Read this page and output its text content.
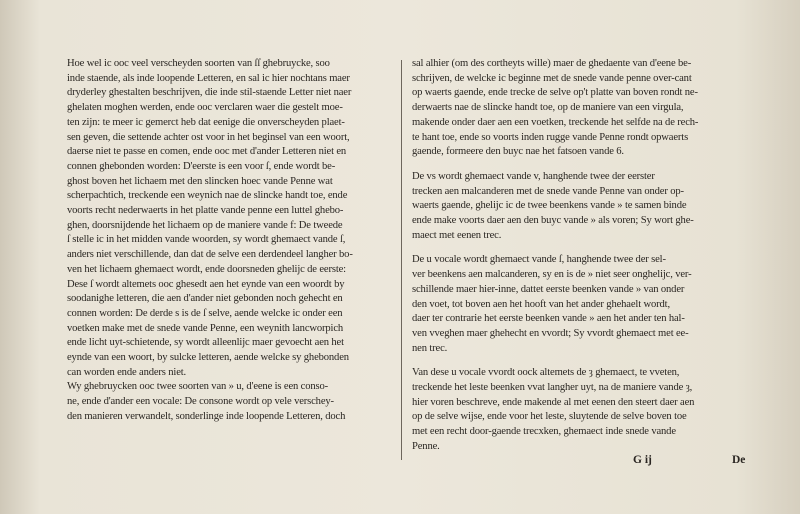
Hoe wel ic ooc veel verscheyden soorten van ſſ ghebruycke, soo
inde staende, als inde loopende Letteren, en sal ic hier nochtans maer
dryderley ghestalten beschrijven, die inde stil-staende Letter niet naer
ghelaten moghen werden, ende ooc verclaren waer die gestelt moe-
ten zijn: te meer ic gemerct heb dat eenige die onverscheyden plaet-
sen geven, die settende achter ost voor in het beginsel van een woort,
daerse niet te passe en comen, ende ooc met d'ander Letteren niet en
connen ghebonden worden: D'eerste is een voor ſ, ende wordt be-
ghost boven het lichaem met den slincken hoec vande Penne wat
scherpachtich, treckende een weynich nae de slincke handt toe, ende
voorts recht nederwaerts in het platte vande penne een luttel ghebo-
ghen, doorsnijdende het lichaem op de maniere vande f: De tweede
ſ stelle ic in het midden vande woorden, sy wordt ghemaect vande ſ,
anders niet verschillende, dan dat de selve een derdendeel langher bo-
ven het lichaem ghemaect wordt, ende doorsneden ghelijc de eerste:
Dese ſ wordt altemets ooc ghesedt aen het eynde van een woordt by
soodanighe letteren, die aen d'ander niet gebonden noch gehecht en
connen worden: De derde s is de ſ selve, aende welcke ic onder een
voetken make met de snede vande Penne, een weynith lancworpich
ende licht uyt-schietende, sy wordt alleenlijc maer gevoecht aen het
eynde van een woort, by sulcke letteren, aende welcke sy ghebonden
can worden ende anders niet.
Wy ghebruycken ooc twee soorten van » u, d'eene is een conso-
ne, ende d'ander een vocale: De consone wordt op vele verschey-
den manieren verwandelt, sonderlinge inde loopende Letteren, doch
sal alhier (om des cortheyts wille) maer de ghedaente van d'eene be-
schrijven, de welcke ic beginne met de snede vande penne over-cant
op waerts gaende, ende trecke de selve op't platte van boven rondt ne-
derwaerts nae de slincke handt toe, op de maniere van een virgula,
makende onder daer aen een voetken, treckende het selfde na de rech-
te hant toe, ende so voorts inden rugge vande Penne rondt opwaerts
gaende, formeere den buyc nae het fatsoen vande 6.
De vs wordt ghemaect vande v, hanghende twee der eerster
trecken aen malcanderen met de snede vande Penne van onder op-
waerts gaende, ghelijc ic de twee beenkens vande » te samen binde
ende make voorts daer aen den buyc vande » als voren; Sy wort ghe-
maect met eenen trec.
De u vocale wordt ghemaect vande ſ, hanghende twee der sel-
ver beenkens aen malcanderen, sy en is de » niet seer onghelijc, ver-
schillende maer hier-inne, dattet eerste beenken vande » van onder
den voet, tot boven aen het hooft van het ander ghehaelt wordt,
daer ter contrarie het eerste beenken vande » aen het ander ten hal-
ven vveghen maer ghehecht en vvordt; Sy vvordt ghemaect met ee-
nen trec.
Van dese u vocale vvordt oock altemets de ȝ ghemaect, te vveten,
treckende het leste beenken vvat langher uyt, na de maniere vande ȝ,
hier voren beschreve, ende makende al met eenen den steert daer aen
op de selve wijse, ende voor het leste, sluytende de selve boven toe
met een recht door-gaende trecxken, ghemaect inde snede vande
Penne.
G ij	De
